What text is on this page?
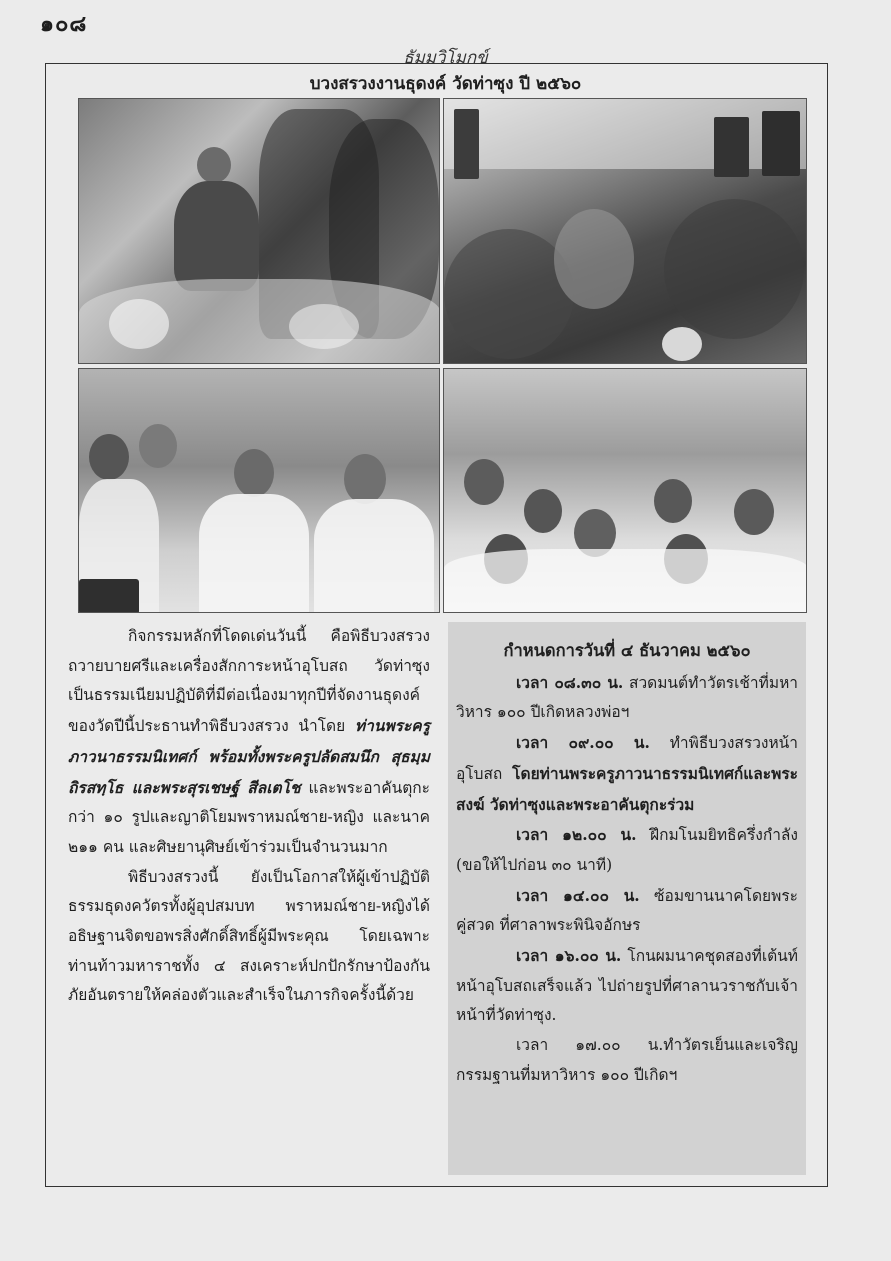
๑๐๘
ธัมมวิโมกข์
บวงสรวงงานธุดงค์ วัดท่าซุง ปี ๒๕๖๐

กิจกรรมหลักที่โดดเด่นวันนี้ คือพิธีบวงสรวงถวายบายศรีและเครื่องสักการะหน้าอุโบสถ วัดท่าซุง เป็นธรรมเนียมปฏิบัติที่มีต่อเนื่องมาทุกปีที่จัดงานธุดงค์ ของวัดปีนี้ประธานทำพิธีบวงสรวง นำโดย ท่านพระครูภาวนาธรรมนิเทศก์ พร้อมทั้งพระครูปลัดสมนึก สุธมฺมถิรสทฺโธ และพระสุรเชษฐ์ สีลเตโช และพระอาคันตุกะกว่า ๑๐ รูปและญาติโยมพราหมณ์ชาย-หญิง และนาค ๒๑๑ คน และศิษยานุศิษย์เข้าร่วมเป็นจำนวนมาก

พิธีบวงสรวงนี้ ยังเป็นโอกาสให้ผู้เข้าปฏิบัติธรรมธุดงควัตรทั้งผู้อุปสมบท พราหมณ์ชาย-หญิงได้อธิษฐานจิตขอพรสิ่งศักดิ์สิทธิ์ผู้มีพระคุณ โดยเฉพาะท่านท้าวมหาราชทั้ง ๔ สงเคราะห์ปกปักรักษาป้องกันภัยอันตรายให้คล่องตัวและสำเร็จในภารกิจครั้งนี้ด้วย

กำหนดการวันที่ ๔ ธันวาคม ๒๕๖๐

เวลา ๐๘.๓๐ น. สวดมนต์ทำวัตรเช้าที่มหาวิหาร ๑๐๐ ปีเกิดหลวงพ่อฯ

เวลา ๐๙.๐๐ น. ทำพิธีบวงสรวงหน้าอุโบสถ โดยท่านพระครูภาวนาธรรมนิเทศก์และพระสงฆ์ วัดท่าซุงและพระอาคันตุกะร่วม

เวลา ๑๒.๐๐ น. ฝึกมโนมยิทธิครึ่งกำลัง (ขอให้ไปก่อน ๓๐ นาที)

เวลา ๑๔.๐๐ น. ซ้อมขานนาคโดยพระคู่สวด ที่ศาลาพระพินิจอักษร

เวลา ๑๖.๐๐ น. โกนผมนาคชุดสองที่เต้นท์หน้าอุโบสถเสร็จแล้ว ไปถ่ายรูปที่ศาลานวราชกับเจ้าหน้าที่วัดท่าซุง.

เวลา ๑๗.๐๐ น.ทำวัตรเย็นและเจริญกรรมฐานที่มหาวิหาร ๑๐๐ ปีเกิดฯ
